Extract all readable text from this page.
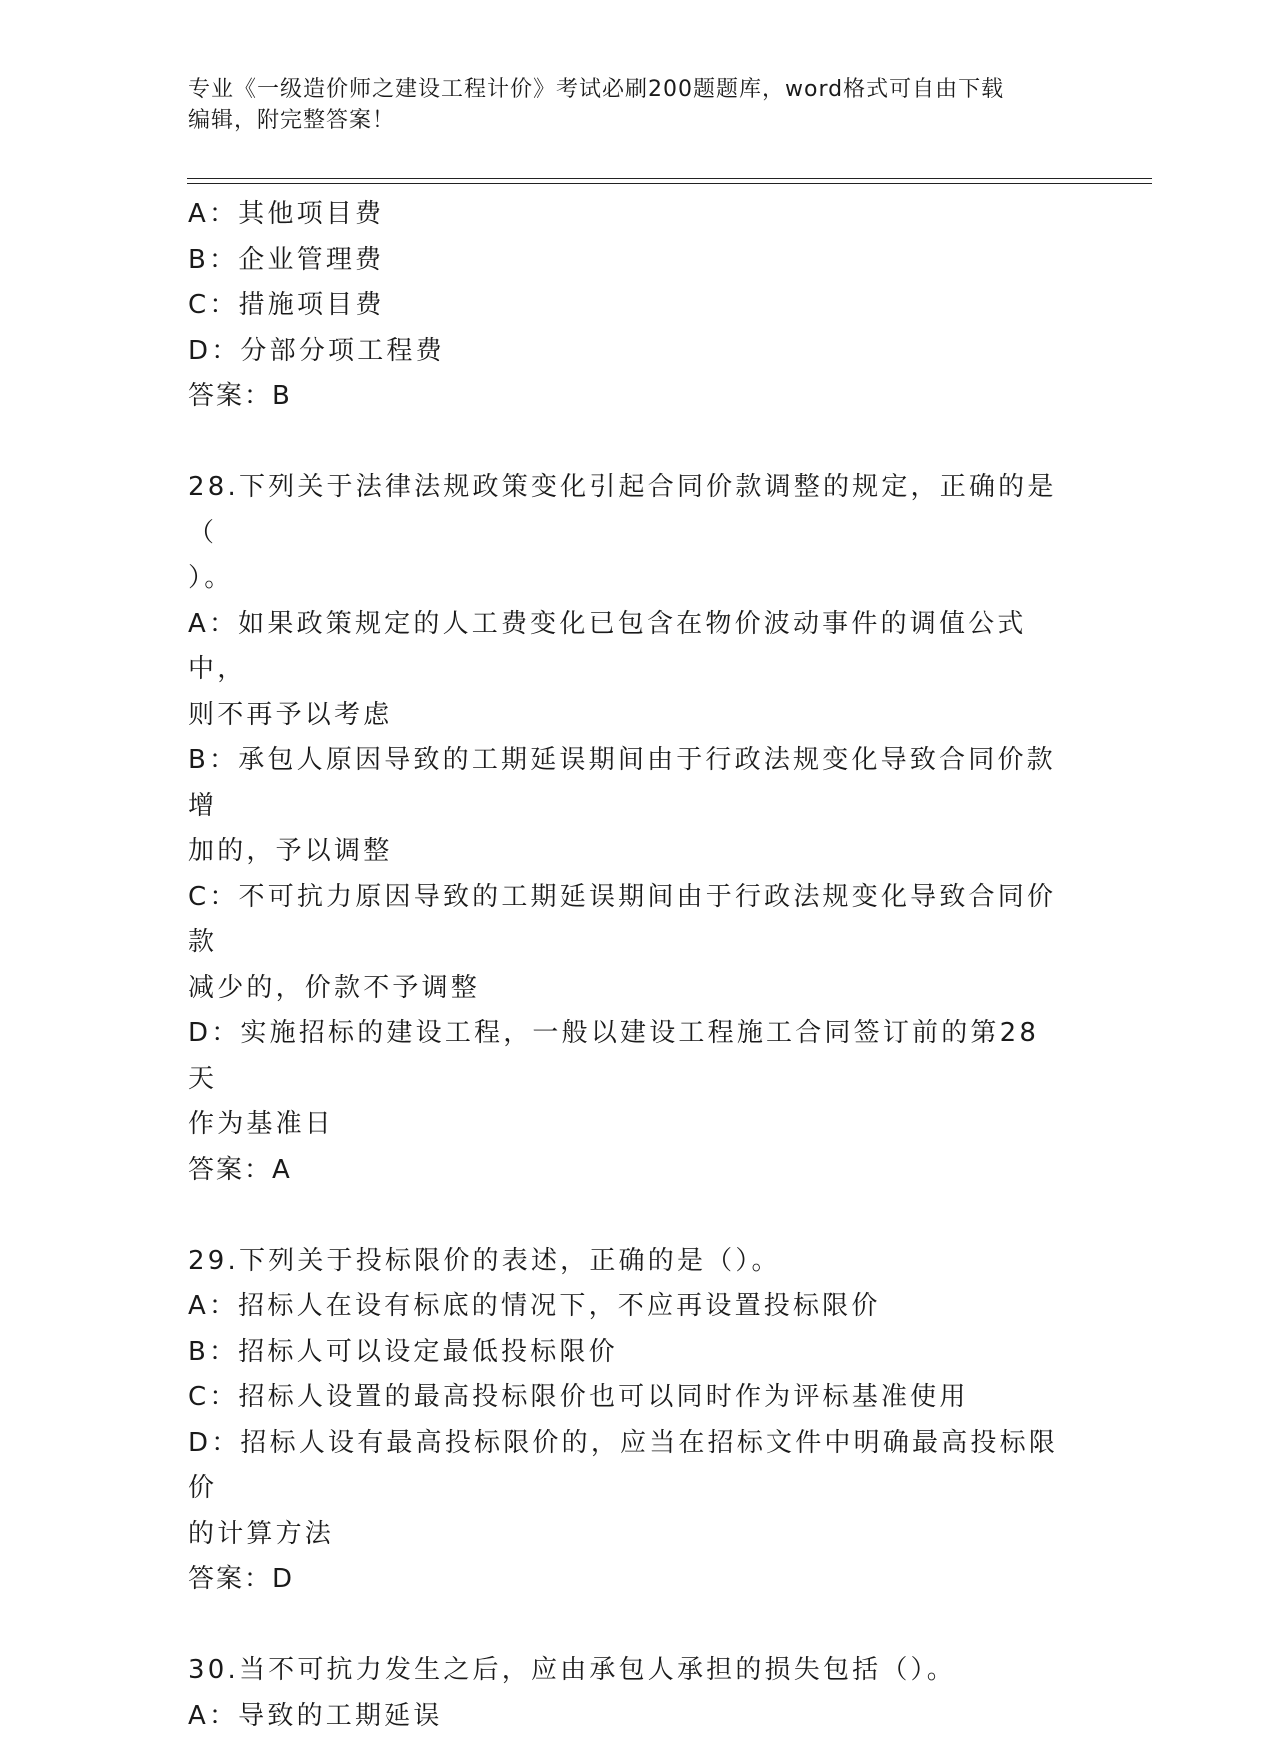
专业《一级造价师之建设工程计价》考试必刷200题题库，word格式可自由下载
编辑，附完整答案！
A：其他项目费
B：企业管理费
C：措施项目费
D：分部分项工程费
答案：B
28.下列关于法律法规政策变化引起合同价款调整的规定，正确的是（
）。
A：如果政策规定的人工费变化已包含在物价波动事件的调值公式中，
则不再予以考虑
B：承包人原因导致的工期延误期间由于行政法规变化导致合同价款增
加的，予以调整
C：不可抗力原因导致的工期延误期间由于行政法规变化导致合同价款
减少的，价款不予调整
D：实施招标的建设工程，一般以建设工程施工合同签订前的第28天
作为基准日
答案：A
29.下列关于投标限价的表述，正确的是（）。
A：招标人在设有标底的情况下，不应再设置投标限价
B：招标人可以设定最低投标限价
C：招标人设置的最高投标限价也可以同时作为评标基准使用
D：招标人设有最高投标限价的，应当在招标文件中明确最高投标限价
的计算方法
答案：D
30.当不可抗力发生之后，应由承包人承担的损失包括（）。
A：导致的工期延误
